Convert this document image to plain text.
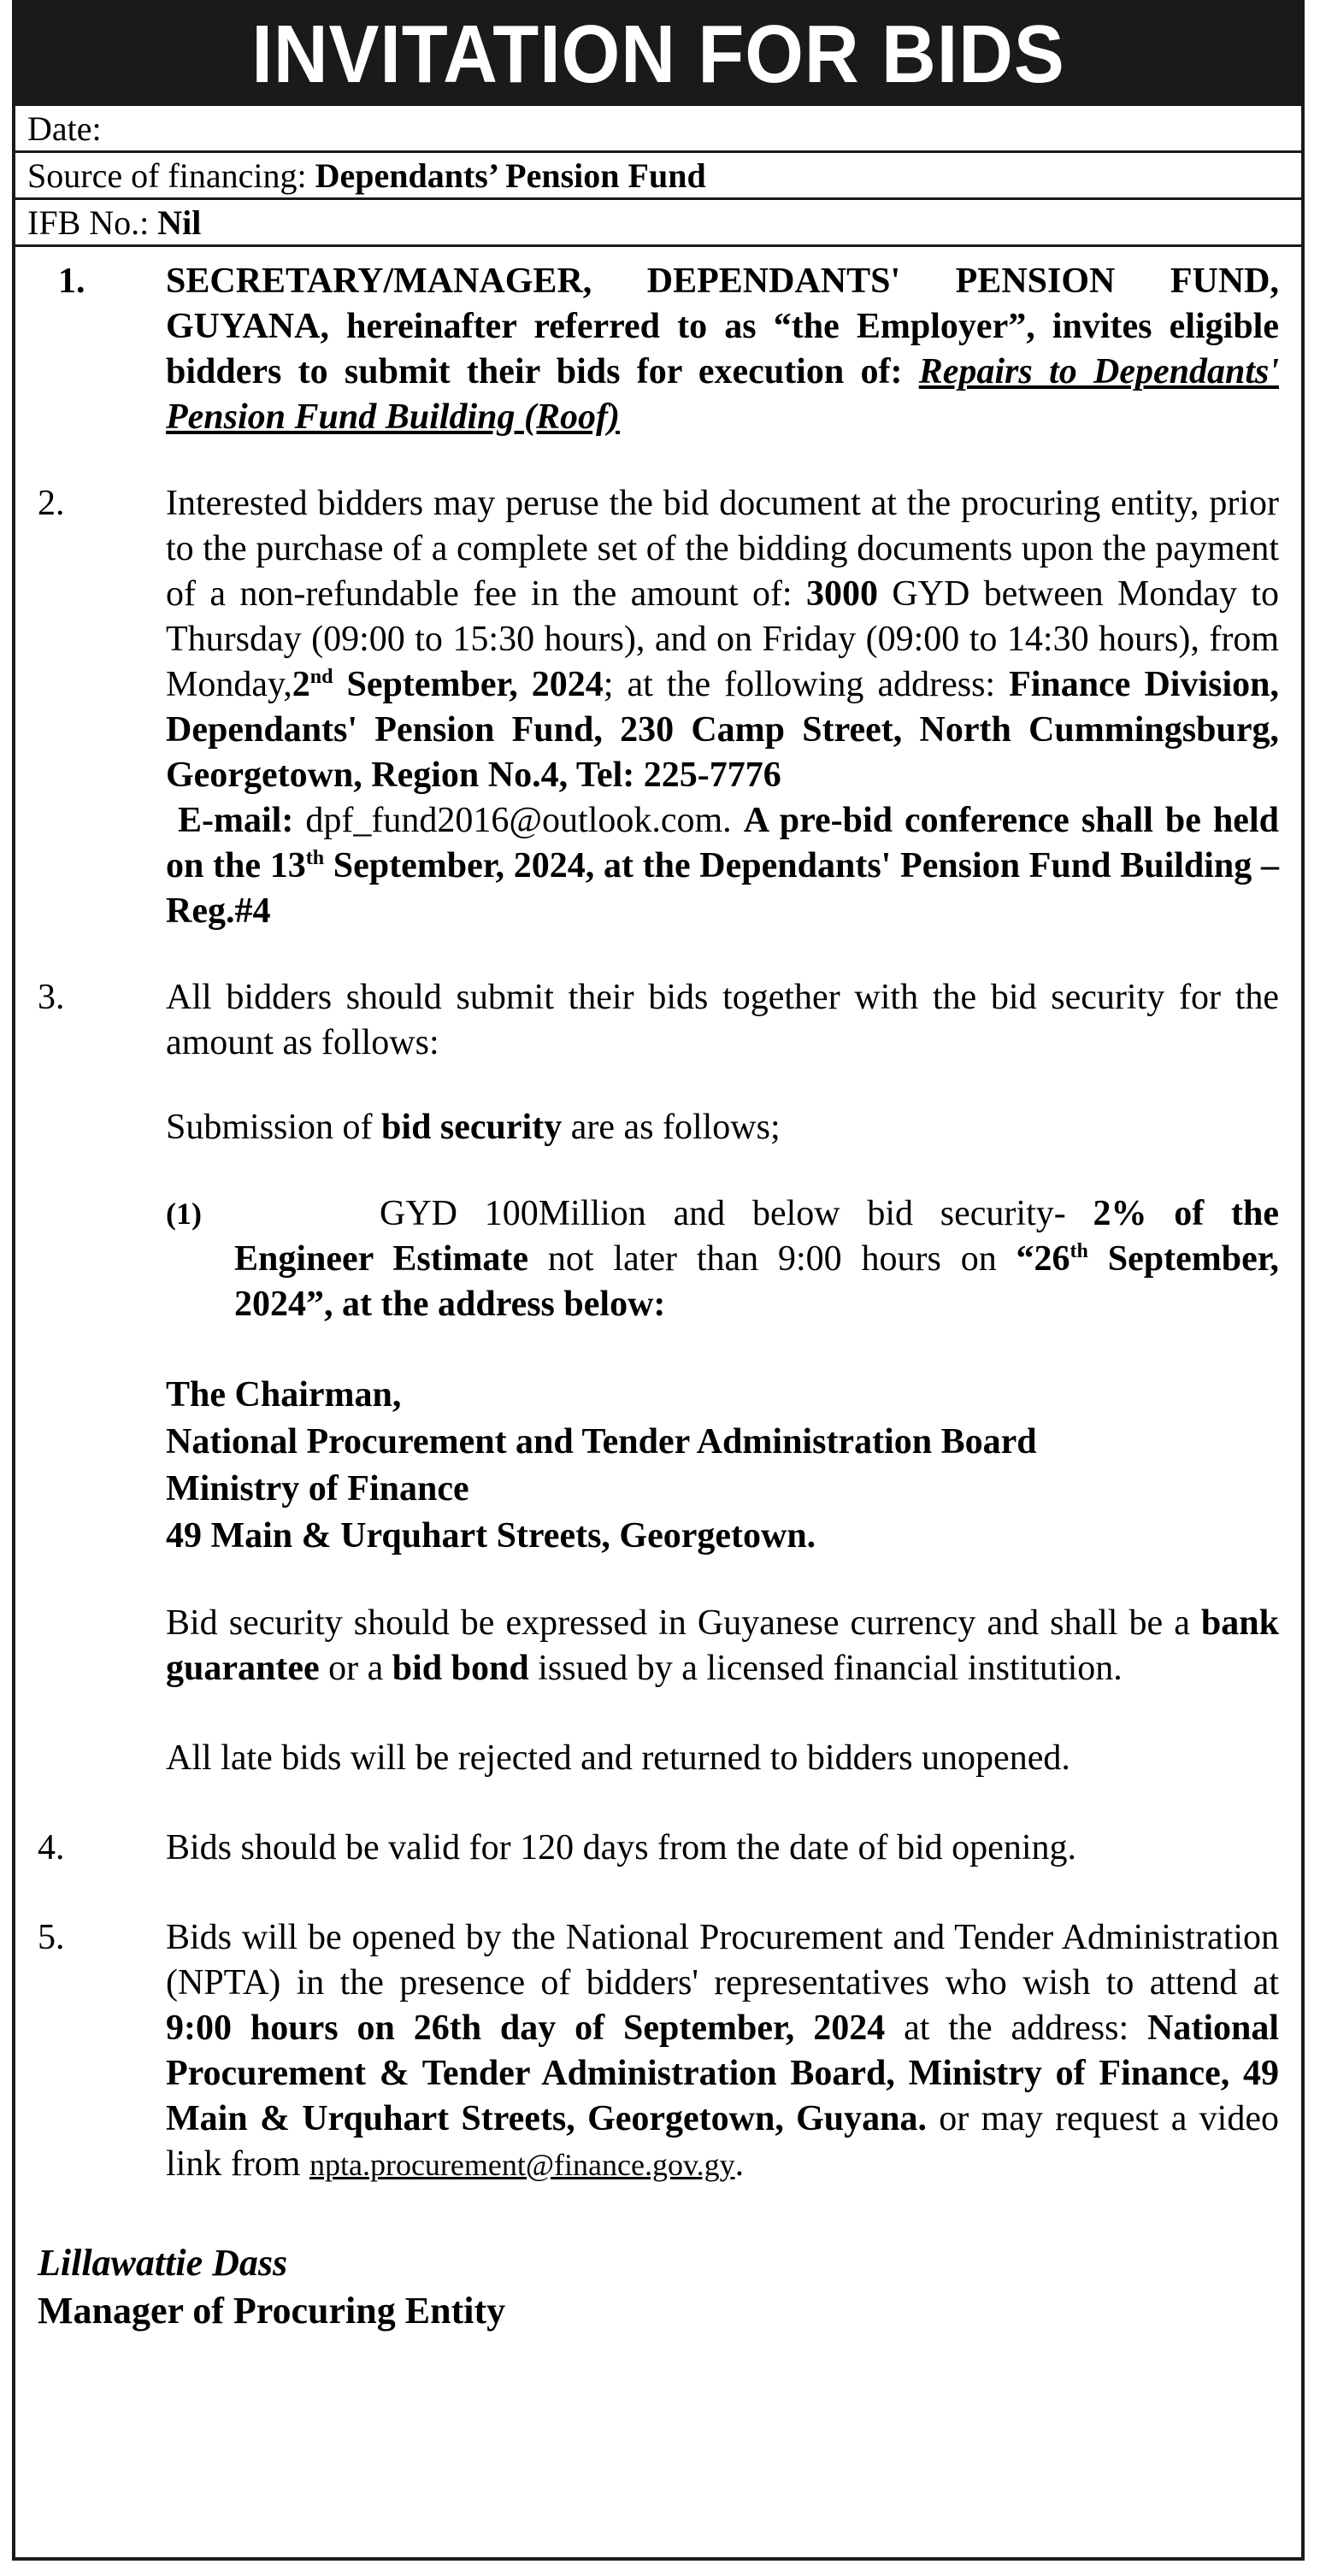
INVITATION FOR BIDS
Date:
Source of financing: Dependants’ Pension Fund
IFB No.: Nil
1.	SECRETARY/MANAGER, DEPENDANTS' PENSION FUND, GUYANA, hereinafter referred to as “the Employer”, invites eligible bidders to submit their bids for execution of: Repairs to Dependants' Pension Fund Building (Roof)
2.	Interested bidders may peruse the bid document at the procuring entity, prior to the purchase of a complete set of the bidding documents upon the payment of a non-refundable fee in the amount of: 3000 GYD between Monday to Thursday (09:00 to 15:30 hours), and on Friday (09:00 to 14:30 hours), from Monday,2nd September, 2024; at the following address: Finance Division, Dependants' Pension Fund, 230 Camp Street, North Cummingsburg, Georgetown, Region No.4, Tel: 225-7776
E-mail: dpf_fund2016@outlook.com. A pre-bid conference shall be held on the 13th September, 2024, at the Dependants' Pension Fund Building – Reg.#4
3.	All bidders should submit their bids together with the bid security for the amount as follows:
Submission of bid security are as follows;
(1)	GYD 100Million and below bid security- 2% of the Engineer Estimate not later than 9:00 hours on “26th September, 2024”, at the address below:
The Chairman,
National Procurement and Tender Administration Board
Ministry of Finance
49 Main & Urquhart Streets, Georgetown.
Bid security should be expressed in Guyanese currency and shall be a bank guarantee or a bid bond issued by a licensed financial institution.
All late bids will be rejected and returned to bidders unopened.
4.	Bids should be valid for 120 days from the date of bid opening.
5.	Bids will be opened by the National Procurement and Tender Administration (NPTA) in the presence of bidders' representatives who wish to attend at 9:00 hours on 26th day of September, 2024 at the address: National Procurement & Tender Administration Board, Ministry of Finance, 49 Main & Urquhart Streets, Georgetown, Guyana. or may request a video link from npta.procurement@finance.gov.gy.
Lillawattie Dass
Manager of Procuring Entity
